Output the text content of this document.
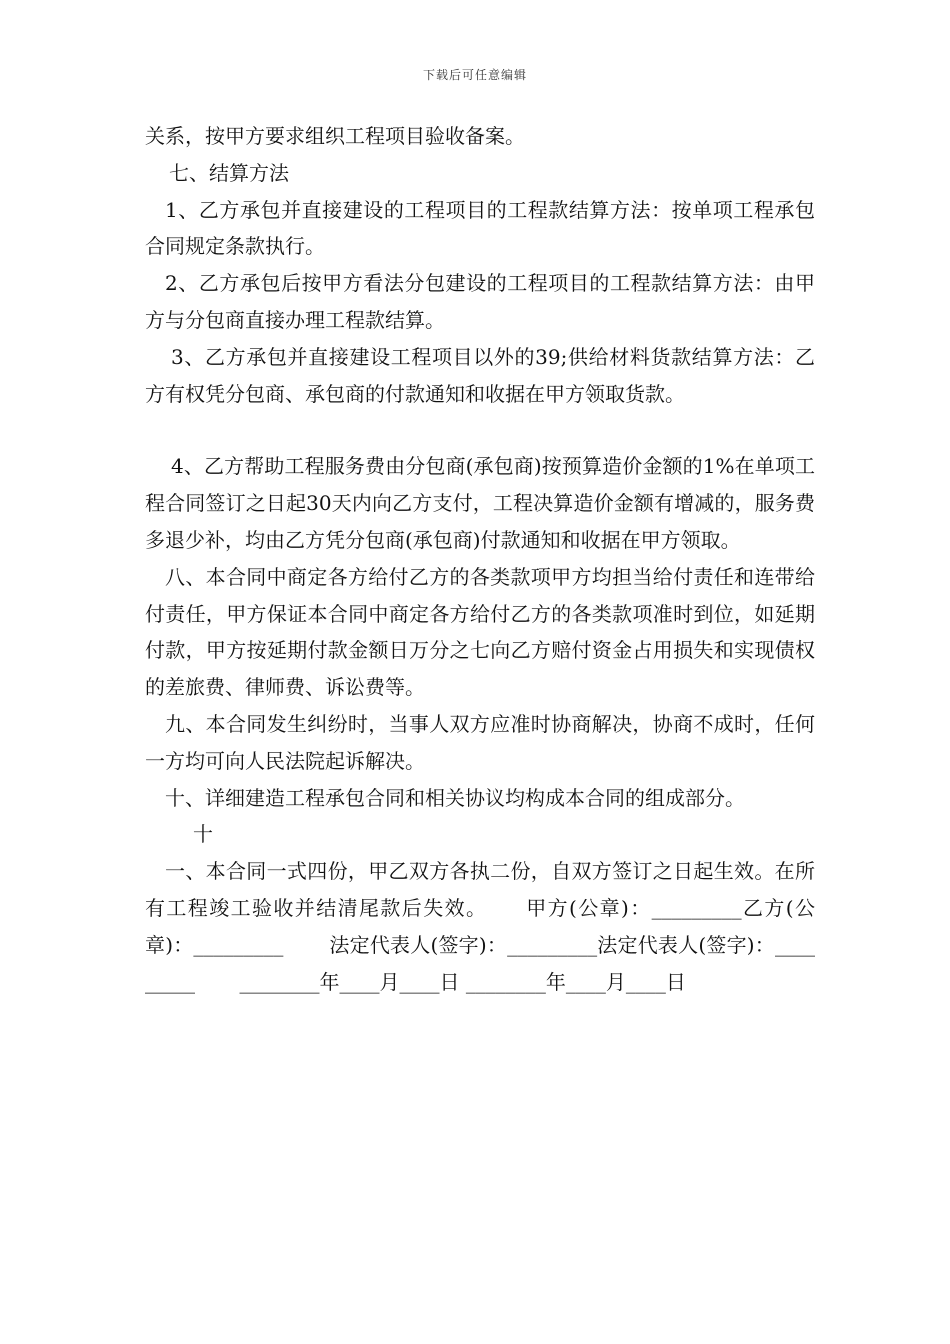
下载后可任意编辑

关系，按甲方要求组织工程项目验收备案。

七、结算方法

1、乙方承包并直接建设的工程项目的工程款结算方法：按单项工程承包合同规定条款执行。

2、乙方承包后按甲方看法分包建设的工程项目的工程款结算方法：由甲方与分包商直接办理工程款结算。

3、乙方承包并直接建设工程项目以外的39;供给材料货款结算方法：乙方有权凭分包商、承包商的付款通知和收据在甲方领取货款。

4、乙方帮助工程服务费由分包商(承包商)按预算造价金额的1%在单项工程合同签订之日起30天内向乙方支付，工程决算造价金额有增减的，服务费多退少补，均由乙方凭分包商(承包商)付款通知和收据在甲方领取。

八、本合同中商定各方给付乙方的各类款项甲方均担当给付责任和连带给付责任，甲方保证本合同中商定各方给付乙方的各类款项准时到位，如延期付款，甲方按延期付款金额日万分之七向乙方赔付资金占用损失和实现债权的差旅费、律师费、诉讼费等。

九、本合同发生纠纷时，当事人双方应准时协商解决，协商不成时，任何一方均可向人民法院起诉解决。

十、详细建造工程承包合同和相关协议均构成本合同的组成部分。

十

一、本合同一式四份，甲乙双方各执二份，自双方签订之日起生效。在所有工程竣工验收并结清尾款后失效。     甲方(公章)：_________乙方(公章)：_________       法定代表人(签字)：_________法定代表人(签字)：_________       ________年____月____日 ________年____月____日
